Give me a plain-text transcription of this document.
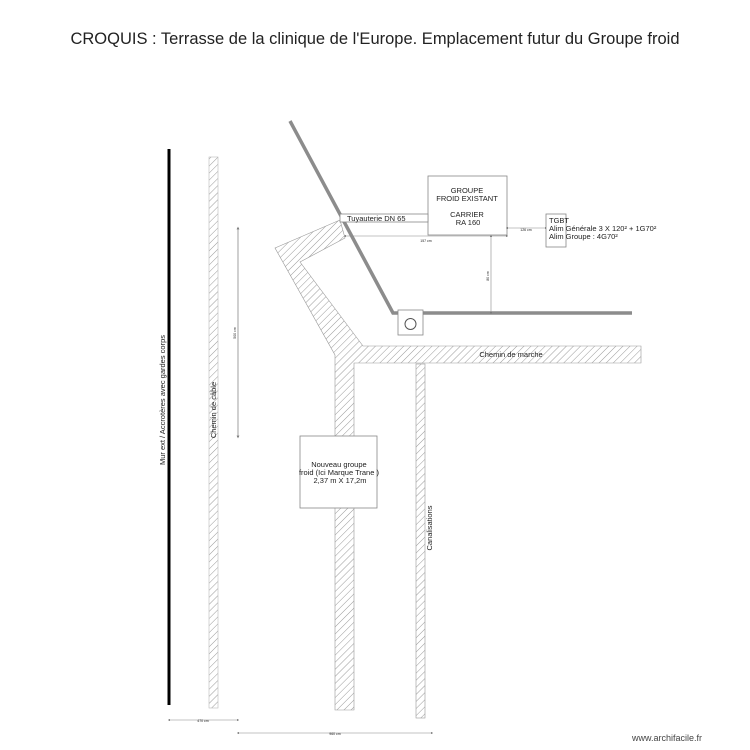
CROQUIS : Terrasse de la clinique de l'Europe. Emplacement futur du Groupe froid
Mur ext / Accrotères avec gardes corps	Chemin de câble
500 cm
Chemin de marche
Canalisations
GROUPE FROID EXISTANT CARRIER RA 160
Tuyauterie DN 65
157 cm
126 cm
TGBT
Alim Générale 3 X 120² + 1G70²
Alim Groupe : 4G70²
80 cm
Nouveau groupe froid (Ici Marque Trane ) 2,37 m X 17,2m
470 cm
960 cm	www.archifacile.fr
